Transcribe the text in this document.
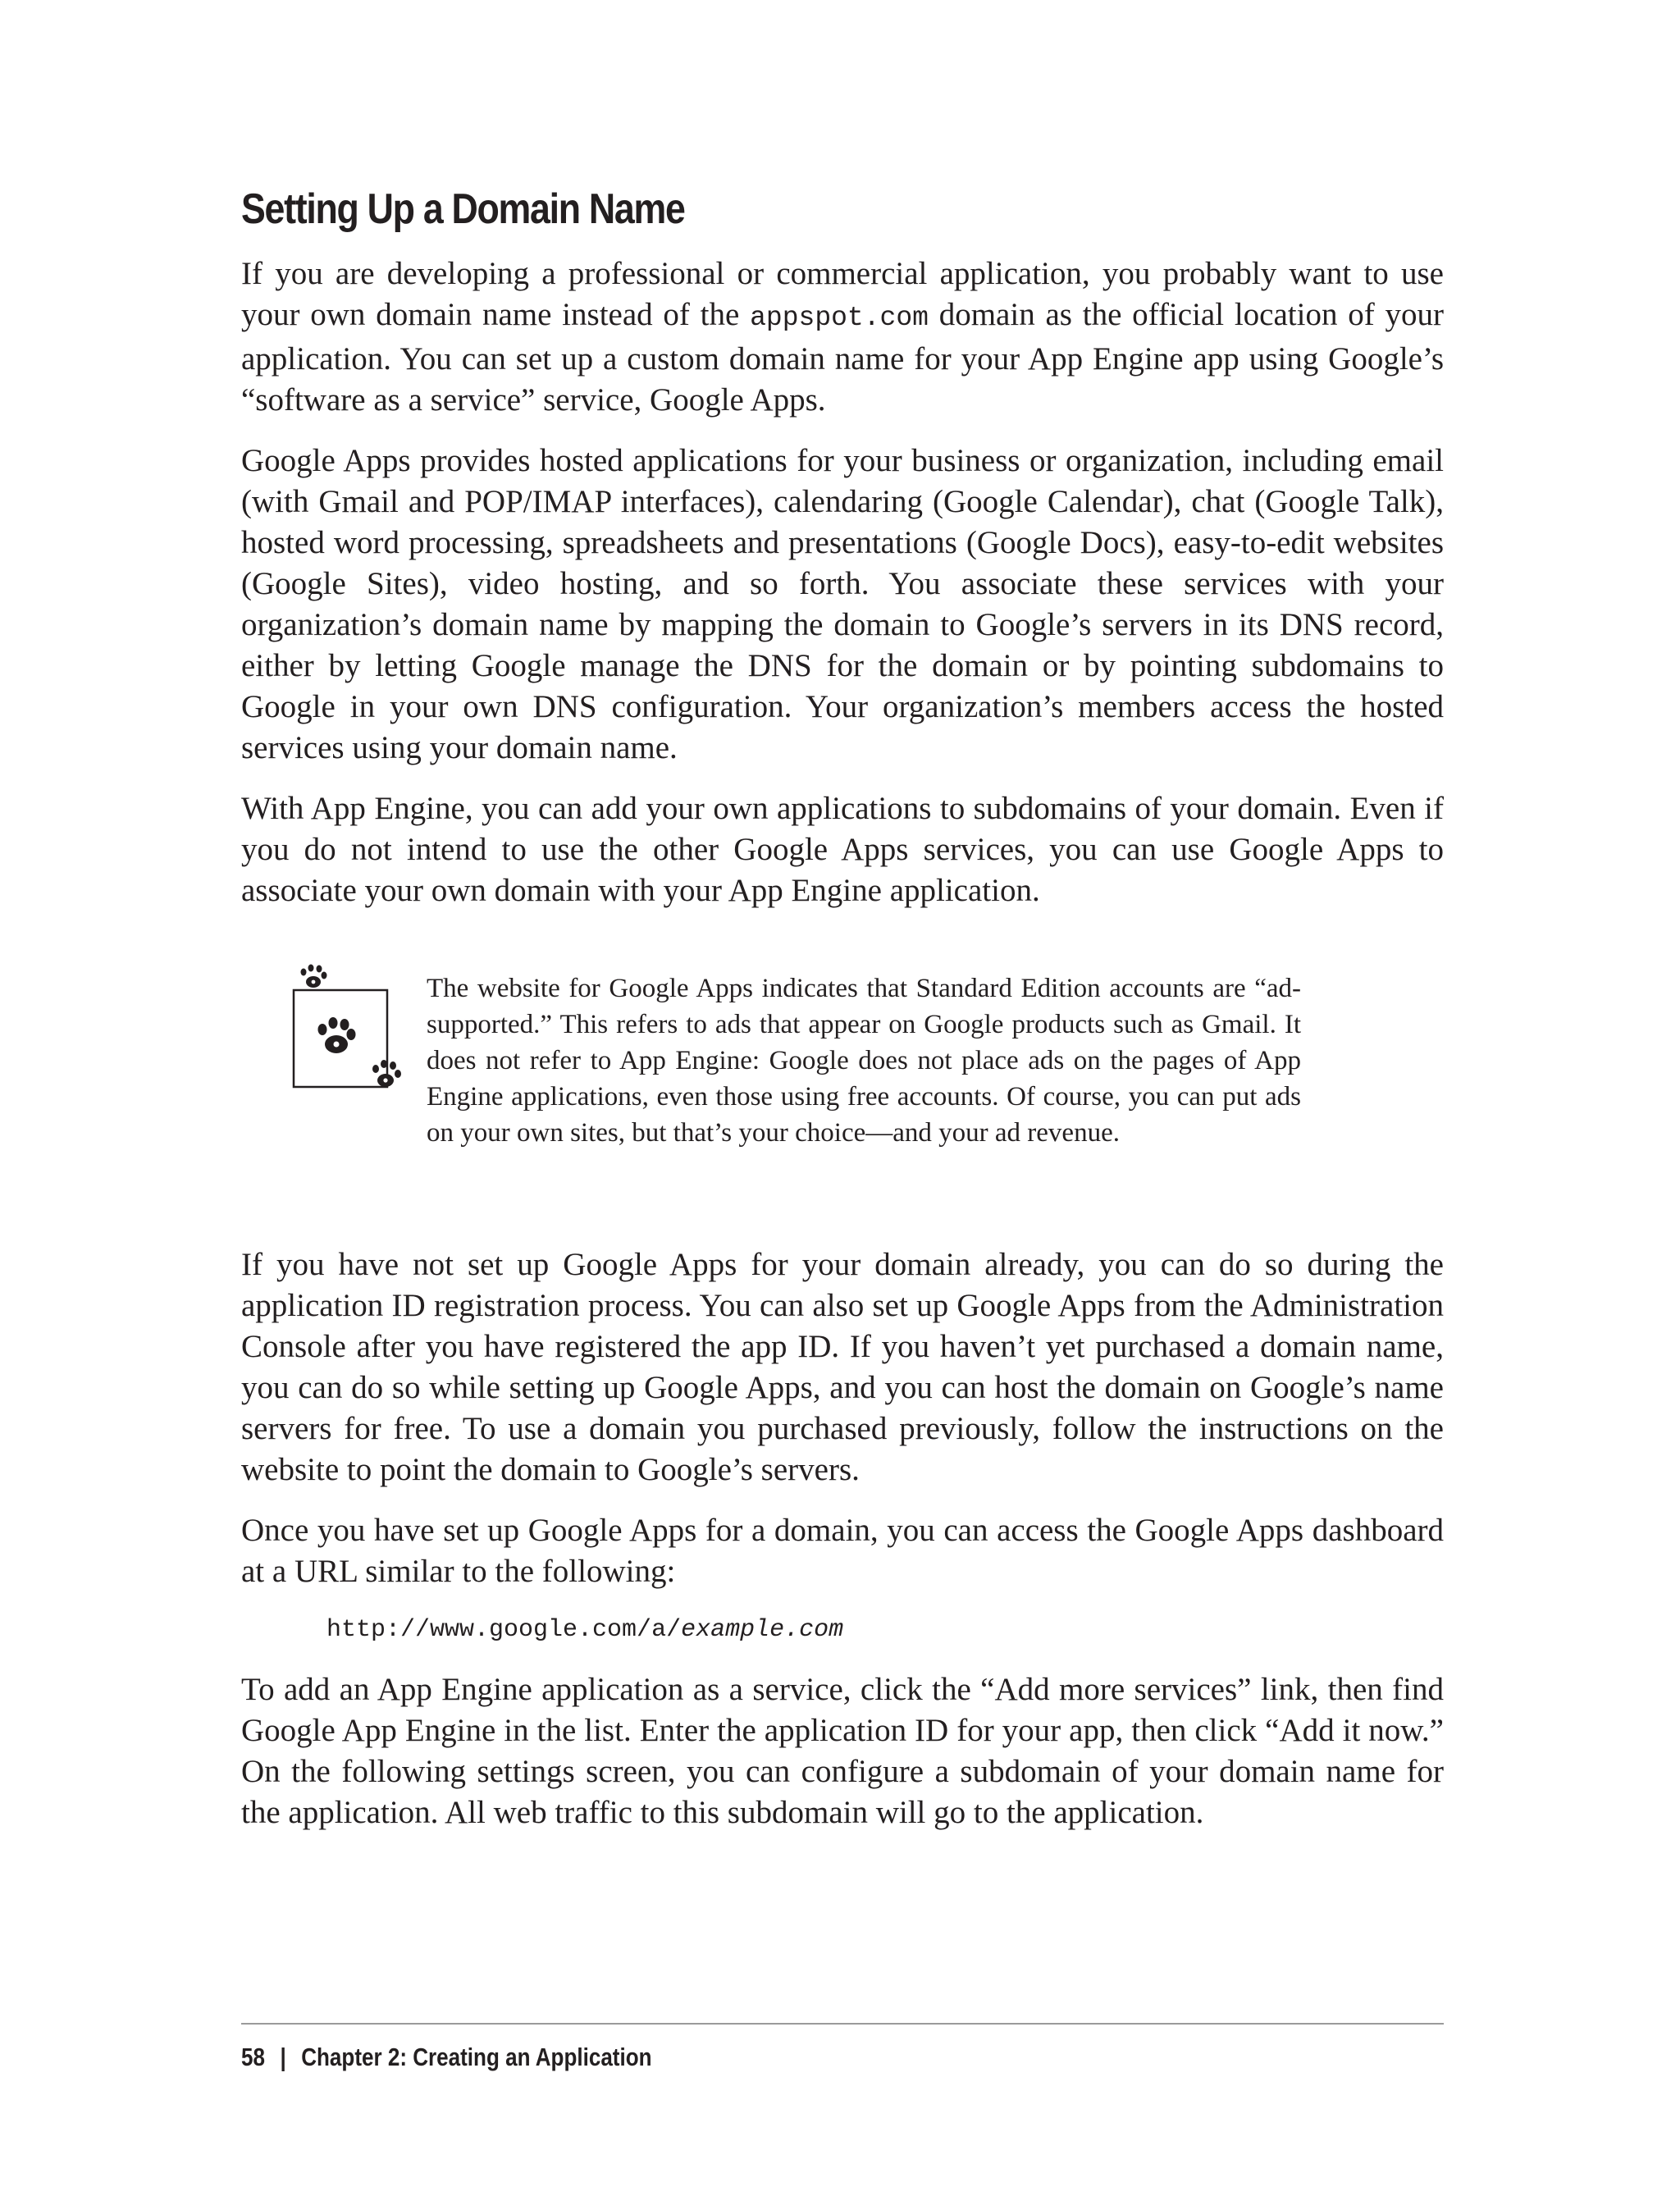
Setting Up a Domain Name

If you are developing a professional or commercial application, you probably want to use your own domain name instead of the appspot.com domain as the official location of your application. You can set up a custom domain name for your App Engine app using Google’s “software as a service” service, Google Apps.

Google Apps provides hosted applications for your business or organization, including email (with Gmail and POP/IMAP interfaces), calendaring (Google Calendar), chat (Google Talk), hosted word processing, spreadsheets and presentations (Google Docs), easy-to-edit websites (Google Sites), video hosting, and so forth. You associate these services with your organization’s domain name by mapping the domain to Google’s servers in its DNS record, either by letting Google manage the DNS for the domain or by pointing subdomains to Google in your own DNS configuration. Your organization’s members access the hosted services using your domain name.

With App Engine, you can add your own applications to subdomains of your domain. Even if you do not intend to use the other Google Apps services, you can use Google Apps to associate your own domain with your App Engine application.

The website for Google Apps indicates that Standard Edition accounts are “ad-supported.” This refers to ads that appear on Google products such as Gmail. It does not refer to App Engine: Google does not place ads on the pages of App Engine applications, even those using free accounts. Of course, you can put ads on your own sites, but that’s your choice—and your ad revenue.

If you have not set up Google Apps for your domain already, you can do so during the application ID registration process. You can also set up Google Apps from the Administration Console after you have registered the app ID. If you haven’t yet purchased a domain name, you can do so while setting up Google Apps, and you can host the domain on Google’s name servers for free. To use a domain you purchased previously, follow the instructions on the website to point the domain to Google’s servers.

Once you have set up Google Apps for a domain, you can access the Google Apps dashboard at a URL similar to the following:

http://www.google.com/a/example.com

To add an App Engine application as a service, click the “Add more services” link, then find Google App Engine in the list. Enter the application ID for your app, then click “Add it now.” On the following settings screen, you can configure a subdomain of your domain name for the application. All web traffic to this subdomain will go to the application.

58 | Chapter 2: Creating an Application
